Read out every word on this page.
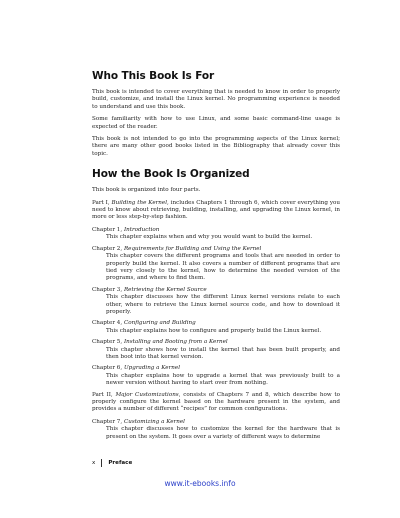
Who This Book Is For

This book is intended to cover everything that is needed to know in order to properly build, customize, and install the Linux kernel. No programming experience is needed to understand and use this book.

Some familiarity with how to use Linux, and some basic command-line usage is expected of the reader.

This book is not intended to go into the programming aspects of the Linux kernel; there are many other good books listed in the Bibliography that already cover this topic.

How the Book Is Organized

This book is organized into four parts.

Part I, Building the Kernel, includes Chapters 1 through 6, which cover everything you need to know about retrieving, building, installing, and upgrading the Linux kernel, in more or less step-by-step fashion.

Chapter 1, Introduction
This chapter explains when and why you would want to build the kernel.
Chapter 2, Requirements for Building and Using the Kernel
This chapter covers the different programs and tools that are needed in order to properly build the kernel. It also covers a number of different programs that are tied very closely to the kernel, how to determine the needed version of the programs, and where to find them.
Chapter 3, Retrieving the Kernel Source
This chapter discusses how the different Linux kernel versions relate to each other, where to retrieve the Linux kernel source code, and how to download it properly.
Chapter 4, Configuring and Building
This chapter explains how to configure and properly build the Linux kernel.
Chapter 5, Installing and Booting from a Kernel
This chapter shows how to install the kernel that has been built properly, and then boot into that kernel version.
Chapter 6, Upgrading a Kernel
This chapter explains how to upgrade a kernel that was previously built to a newer version without having to start over from nothing.

Part II, Major Customizations, consists of Chapters 7 and 8, which describe how to properly configure the kernel based on the hardware present in the system, and provides a number of different “recipes” for common configurations.

Chapter 7, Customizing a Kernel
This chapter discusses how to customize the kernel for the hardware that is present on the system. It goes over a variety of different ways to determine
x Preface
www.it-ebooks.info
